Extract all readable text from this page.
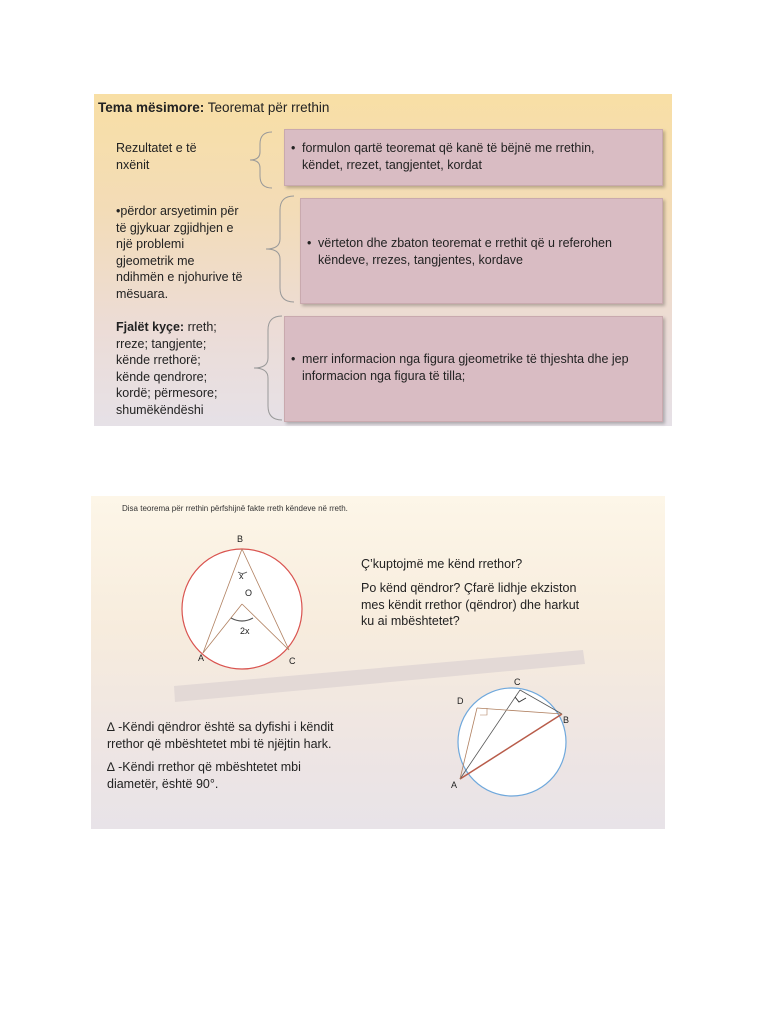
Tema mësimore: Teoremat për rrethin
Rezultatet e të
nxënit
•përdor arsyetimin për
të gjykuar zgjidhjen e
një problemi
gjeometrik me
ndihmën e njohurive të
mësuara.
Fjalët kyçe: rreth;
rreze; tangjente;
kënde rrethorë;
kënde qendrore;
kordë; përmesore;
shumëkëndëshi
• formulon qartë teoremat që kanë të bëjnë me rrethin,
këndet, rrezet, tangjentet, kordat
• vërteton dhe zbaton teoremat e rrethit që u referohen
këndeve, rrezes, tangjentes, kordave
• merr informacion nga figura gjeometrike të thjeshta dhe jep
informacion nga figura të tilla;
Disa teorema për rrethin përfshijnë fakte rreth këndeve në rreth.
B
x
O
2x
A	C
Ç’kuptojmë me kënd rrethor?
Po kënd qëndror? Çfarë lidhje ekziston
mes këndit rrethor (qëndror) dhe harkut
ku ai mbështetet?
C
D
B
A
∆ -Këndi qëndror është sa dyfishi i këndit
rrethor që mbështetet mbi të njëjtin hark.
∆ -Këndi rrethor që mbështetet mbi
diametër, është 90°.
